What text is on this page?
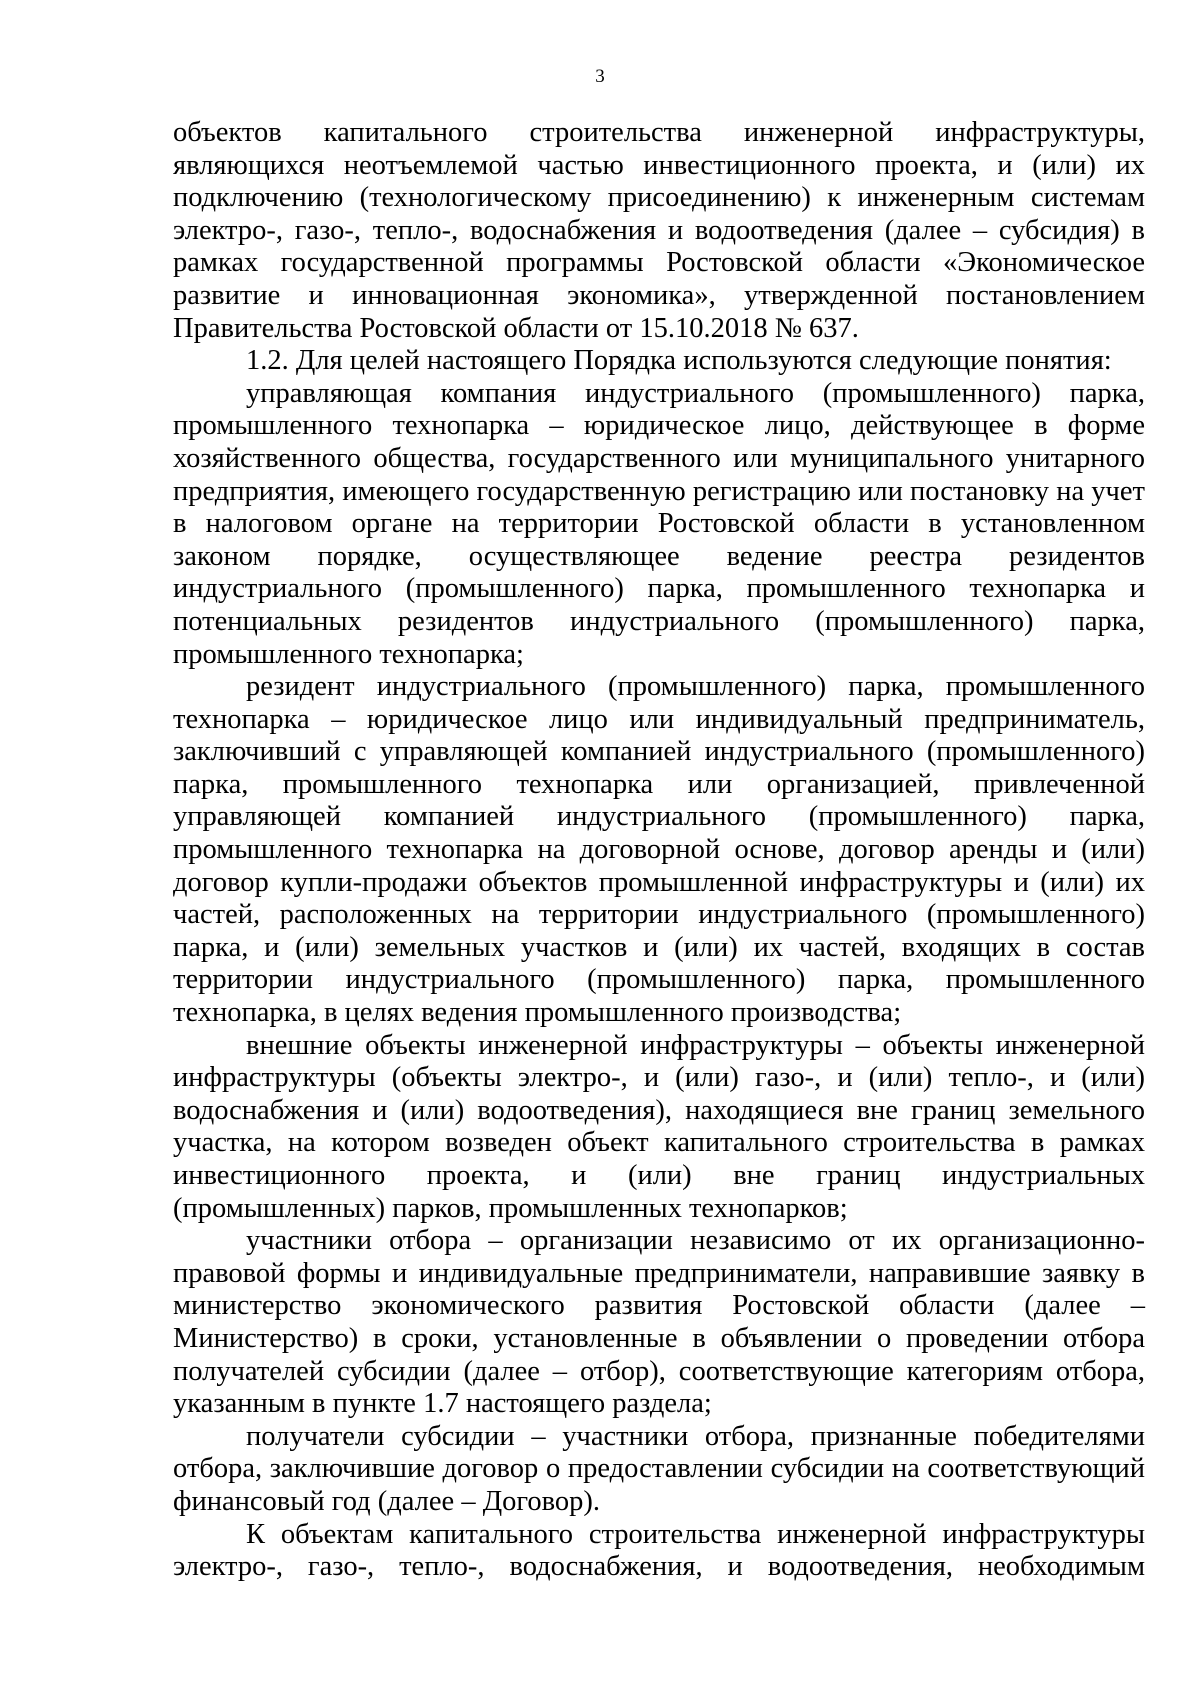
3

объектов капитального строительства инженерной инфраструктуры, являющихся неотъемлемой частью инвестиционного проекта, и (или) их подключению (технологическому присоединению) к инженерным системам электро-, газо-, тепло-, водоснабжения и водоотведения (далее – субсидия) в рамках государственной программы Ростовской области «Экономическое развитие и инновационная экономика», утвержденной постановлением Правительства Ростовской области от 15.10.2018 № 637.

1.2. Для целей настоящего Порядка используются следующие понятия:

управляющая компания индустриального (промышленного) парка, промышленного технопарка – юридическое лицо, действующее в форме хозяйственного общества, государственного или муниципального унитарного предприятия, имеющего государственную регистрацию или постановку на учет в налоговом органе на территории Ростовской области в установленном законом порядке, осуществляющее ведение реестра резидентов индустриального (промышленного) парка, промышленного технопарка и потенциальных резидентов индустриального (промышленного) парка, промышленного технопарка;

резидент индустриального (промышленного) парка, промышленного технопарка – юридическое лицо или индивидуальный предприниматель, заключивший с управляющей компанией индустриального (промышленного) парка, промышленного технопарка или организацией, привлеченной управляющей компанией индустриального (промышленного) парка, промышленного технопарка на договорной основе, договор аренды и (или) договор купли-продажи объектов промышленной инфраструктуры и (или) их частей, расположенных на территории индустриального (промышленного) парка, и (или) земельных участков и (или) их частей, входящих в состав территории индустриального (промышленного) парка, промышленного технопарка, в целях ведения промышленного производства;

внешние объекты инженерной инфраструктуры – объекты инженерной инфраструктуры (объекты электро-, и (или) газо-, и (или) тепло-, и (или) водоснабжения и (или) водоотведения), находящиеся вне границ земельного участка, на котором возведен объект капитального строительства в рамках инвестиционного проекта, и (или) вне границ индустриальных (промышленных) парков, промышленных технопарков;

участники отбора – организации независимо от их организационно-правовой формы и индивидуальные предприниматели, направившие заявку в министерство экономического развития Ростовской области (далее – Министерство) в сроки, установленные в объявлении о проведении отбора получателей субсидии (далее – отбор), соответствующие категориям отбора, указанным в пункте 1.7 настоящего раздела;

получатели субсидии – участники отбора, признанные победителями отбора, заключившие договор о предоставлении субсидии на соответствующий финансовый год (далее – Договор).

К объектам капитального строительства инженерной инфраструктуры электро-, газо-, тепло-, водоснабжения, и водоотведения, необходимым
